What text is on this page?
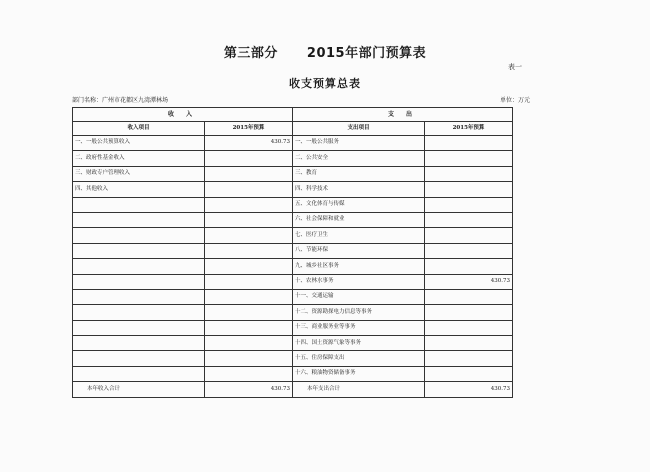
第三部分 2015年部门预算表
表一
收支预算总表
部门名称：广州市花都区九湾潭林场	单位：万元
收 入		支 出	
收入项目	2015年预算	支出项目	2015年预算
一、一般公共预算收入	430.73	一、一般公共服务	
二、政府性基金收入		二、公共安全	
三、财政专户管理收入		三、教育	
四、其他收入		四、科学技术	
		五、文化体育与传媒	
		六、社会保障和就业	
		七、医疗卫生	
		八、节能环保	
		九、城乡社区事务	
		十、农林水事务	430.73
		十一、交通运输	
		十二、资源勘探电力信息等事务	
		十三、商业服务业等事务	
		十四、国土资源气象等事务	
		十五、住房保障支出	
		十六、粮油物资储备事务	
本年收入合计	430.73	本年支出合计	430.73
